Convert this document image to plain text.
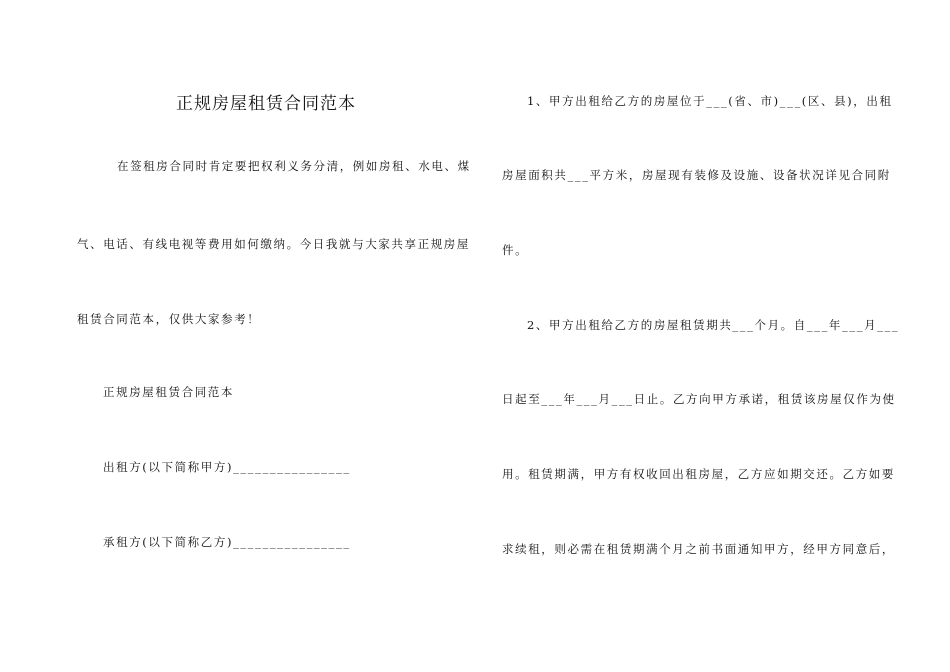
正规房屋租赁合同范本
在签租房合同时肯定要把权利义务分清，例如房租、水电、煤
气、电话、有线电视等费用如何缴纳。今日我就与大家共享正规房屋
租赁合同范本，仅供大家参考！
正规房屋租赁合同范本
出租方(以下简称甲方)________________
承租方(以下简称乙方)________________
1、甲方出租给乙方的房屋位于___(省、市)___(区、县)，出租
房屋面积共___平方米，房屋现有装修及设施、设备状况详见合同附
件。
2、甲方出租给乙方的房屋租赁期共___个月。自___年___月___
日起至___年___月___日止。乙方向甲方承诺，租赁该房屋仅作为使
用。租赁期满，甲方有权收回出租房屋，乙方应如期交还。乙方如要
求续租，则必需在租赁期满个月之前书面通知甲方，经甲方同意后，
